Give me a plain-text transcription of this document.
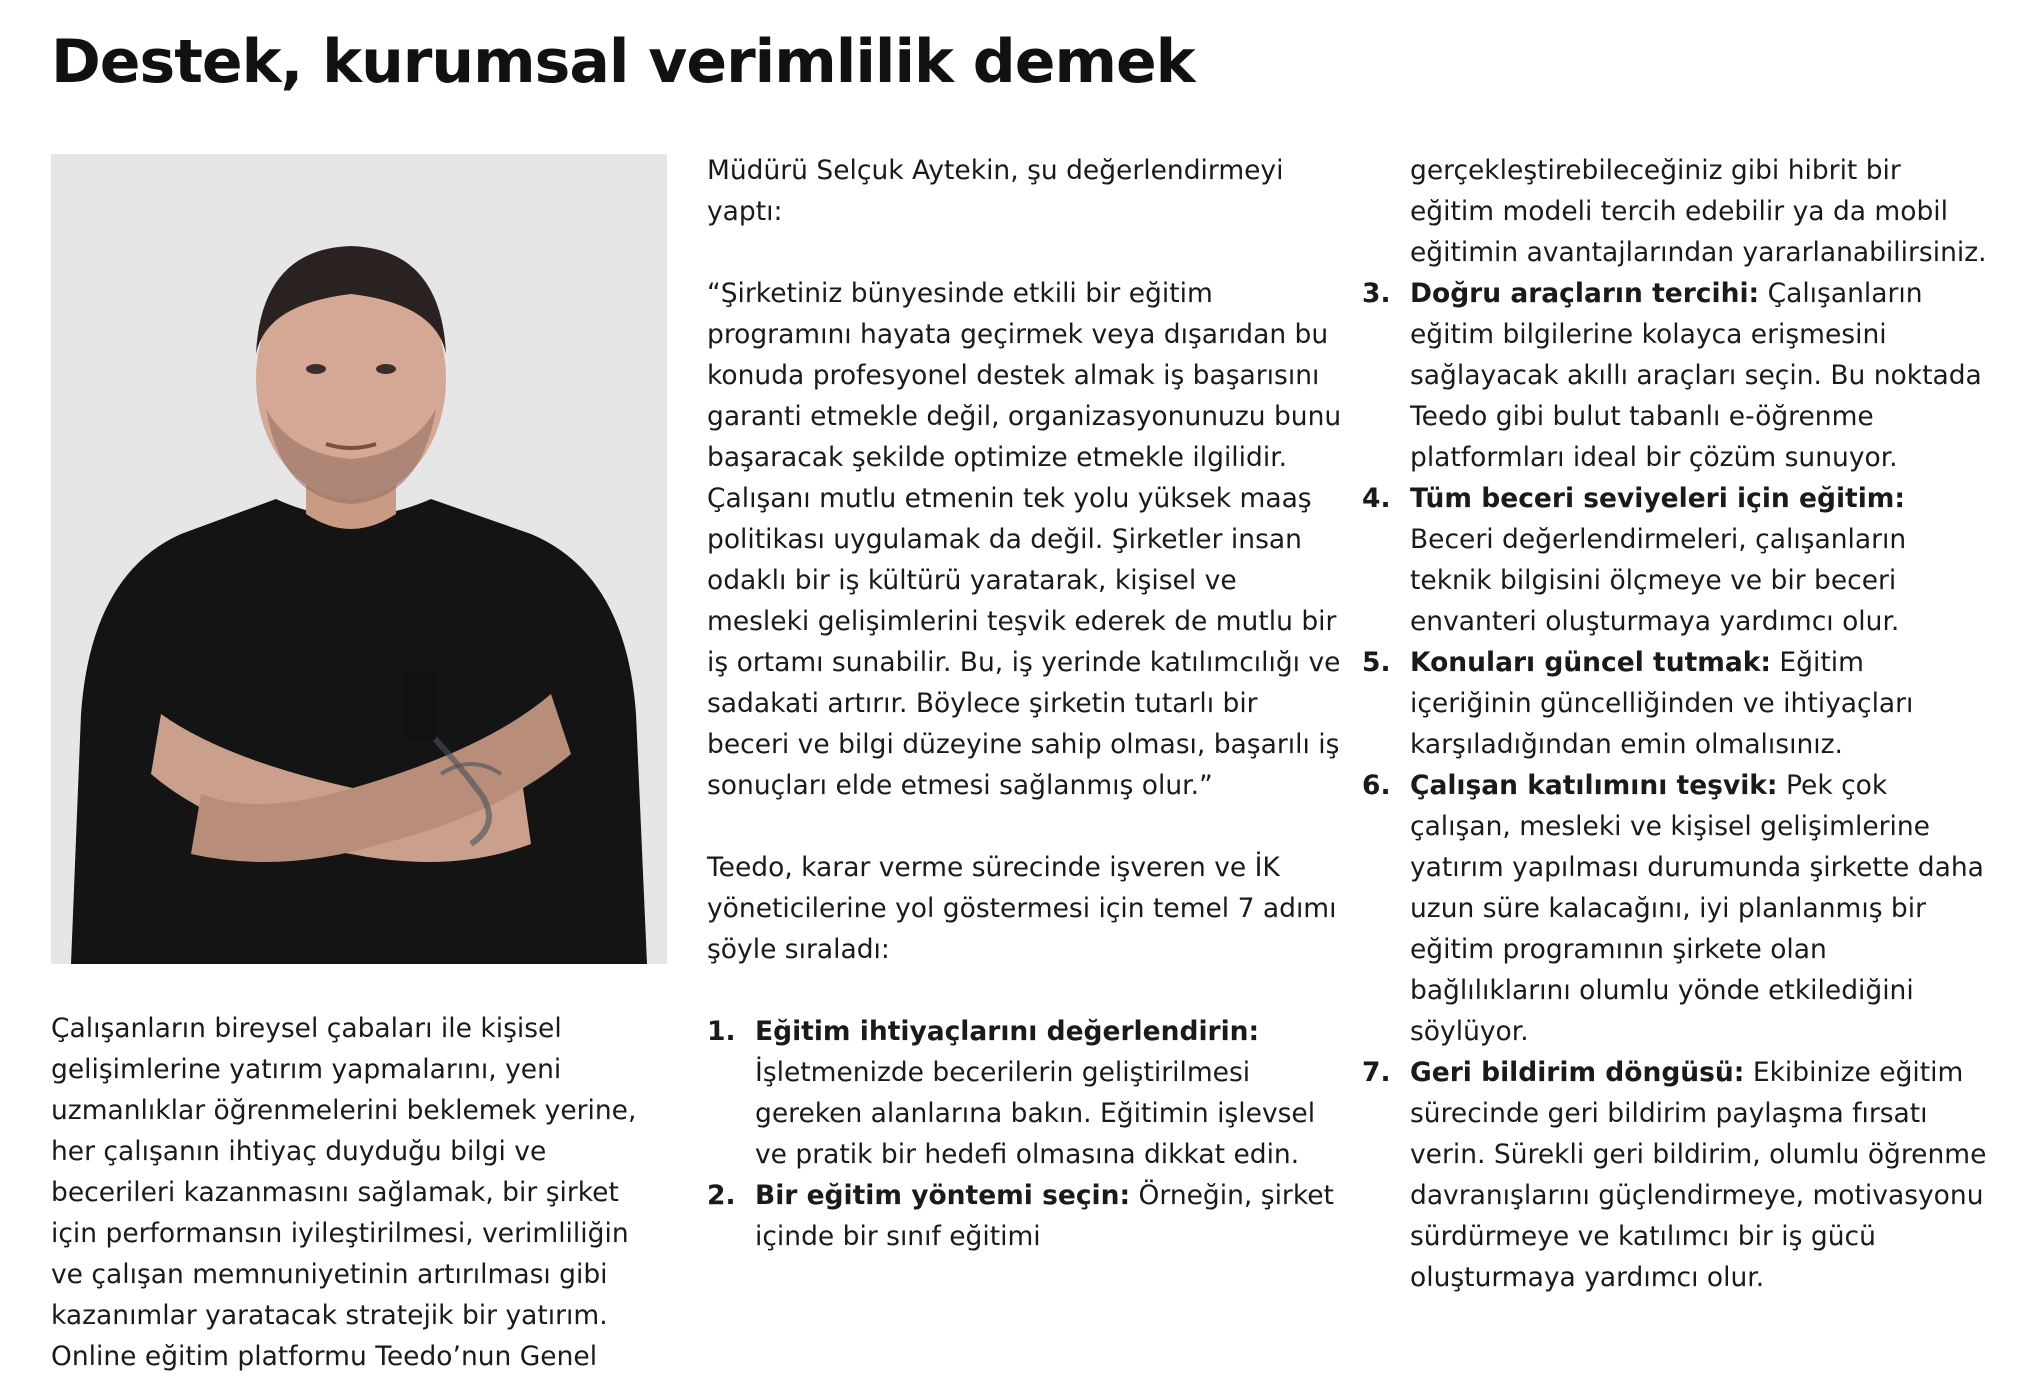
Destek, kurumsal verimlilik demek

Çalışanların bireysel çabaları ile kişisel gelişimlerine yatırım yapmalarını, yeni uzmanlıklar öğrenmelerini beklemek yerine, her çalışanın ihtiyaç duyduğu bilgi ve becerileri kazanmasını sağlamak, bir şirket için performansın iyileştirilmesi, verimliliğin ve çalışan memnuniyetinin artırılması gibi kazanımlar yaratacak stratejik bir yatırım. Online eğitim platformu Teedo’nun Genel

Müdürü Selçuk Aytekin, şu değerlendirmeyi yaptı:

“Şirketiniz bünyesinde etkili bir eğitim programını hayata geçirmek veya dışarıdan bu konuda profesyonel destek almak iş başarısını garanti etmekle değil, organizasyonunuzu bunu başaracak şekilde optimize etmekle ilgilidir. Çalışanı mutlu etmenin tek yolu yüksek maaş politikası uygulamak da değil. Şirketler insan odaklı bir iş kültürü yaratarak, kişisel ve mesleki gelişimlerini teşvik ederek de mutlu bir iş ortamı sunabilir. Bu, iş yerinde katılımcılığı ve sadakati artırır. Böylece şirketin tutarlı bir beceri ve bilgi düzeyine sahip olması, başarılı iş sonuçları elde etmesi sağlanmış olur.”

Teedo, karar verme sürecinde işveren ve İK yöneticilerine yol göstermesi için temel 7 adımı şöyle sıraladı:

1. Eğitim ihtiyaçlarını değerlendirin: İşletmenizde becerilerin geliştirilmesi gereken alanlarına bakın. Eğitimin işlevsel ve pratik bir hedefi olmasına dikkat edin.
2. Bir eğitim yöntemi seçin: Örneğin, şirket içinde bir sınıf eğitimi

gerçekleştirebileceğiniz gibi hibrit bir eğitim modeli tercih edebilir ya da mobil eğitimin avantajlarından yararlanabilirsiniz.

3. Doğru araçların tercihi: Çalışanların eğitim bilgilerine kolayca erişmesini sağlayacak akıllı araçları seçin. Bu noktada Teedo gibi bulut tabanlı e-öğrenme platformları ideal bir çözüm sunuyor.
4. Tüm beceri seviyeleri için eğitim: Beceri değerlendirmeleri, çalışanların teknik bilgisini ölçmeye ve bir beceri envanteri oluşturmaya yardımcı olur.
5. Konuları güncel tutmak: Eğitim içeriğinin güncelliğinden ve ihtiyaçları karşıladığından emin olmalısınız.
6. Çalışan katılımını teşvik: Pek çok çalışan, mesleki ve kişisel gelişimlerine yatırım yapılması durumunda şirkette daha uzun süre kalacağını, iyi planlanmış bir eğitim programının şirkete olan bağlılıklarını olumlu yönde etkilediğini söylüyor.
7. Geri bildirim döngüsü: Ekibinize eğitim sürecinde geri bildirim paylaşma fırsatı verin. Sürekli geri bildirim, olumlu öğrenme davranışlarını güçlendirmeye, motivasyonu sürdürmeye ve katılımcı bir iş gücü oluşturmaya yardımcı olur.
